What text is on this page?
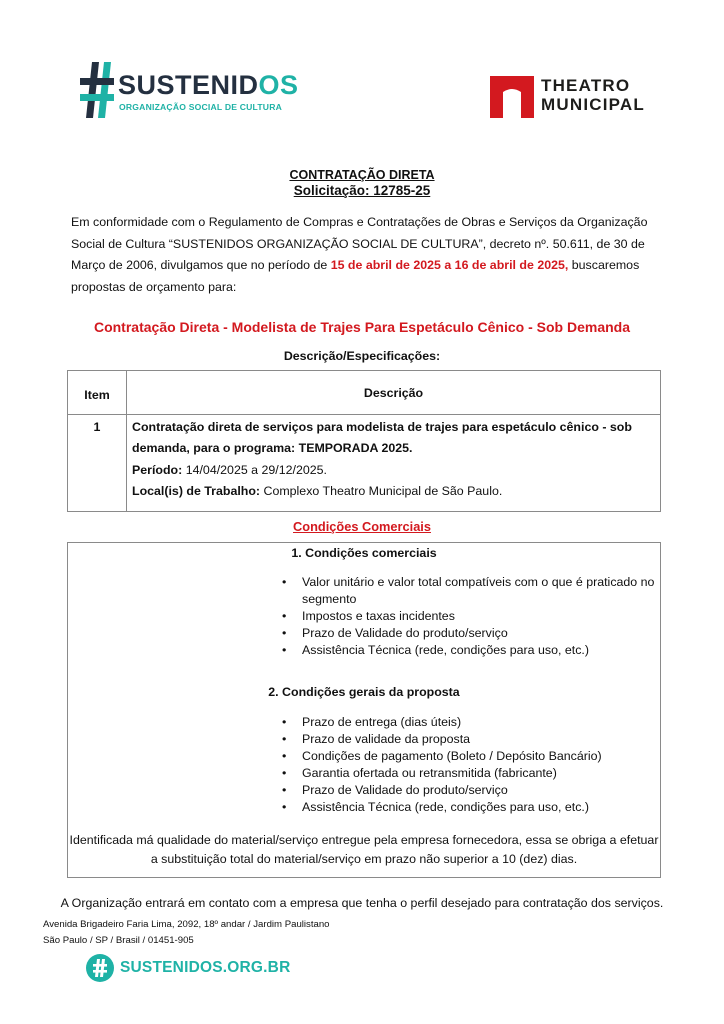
SUSTENIDOS
ORGANIZAÇÃO SOCIAL DE CULTURA
THEATRO
MUNICIPAL
CONTRATAÇÃO DIRETA
Solicitação: 12785-25
Em conformidade com o Regulamento de Compras e Contratações de Obras e Serviços da Organização Social de Cultura “SUSTENIDOS ORGANIZAÇÃO SOCIAL DE CULTURA”, decreto nº. 50.611, de 30 de Março de 2006, divulgamos que no período de 15 de abril de 2025 a 16 de abril de 2025, buscaremos propostas de orçamento para:
Contratação Direta - Modelista de Trajes Para Espetáculo Cênico - Sob Demanda
Descrição/Especificações:
Item	Descrição
1	Contratação direta de serviços para modelista de trajes para espetáculo cênico - sob demanda, para o programa: TEMPORADA 2025.
Período: 14/04/2025 a 29/12/2025.
Local(is) de Trabalho: Complexo Theatro Municipal de São Paulo.
Condições Comerciais
1. Condições comerciais
• Valor unitário e valor total compatíveis com o que é praticado no segmento
• Impostos e taxas incidentes
• Prazo de Validade do produto/serviço
• Assistência Técnica (rede, condições para uso, etc.)
2. Condições gerais da proposta
• Prazo de entrega (dias úteis)
• Prazo de validade da proposta
• Condições de pagamento (Boleto / Depósito Bancário)
• Garantia ofertada ou retransmitida (fabricante)
• Prazo de Validade do produto/serviço
• Assistência Técnica (rede, condições para uso, etc.)
Identificada má qualidade do material/serviço entregue pela empresa fornecedora, essa se obriga a efetuar a substituição total do material/serviço em prazo não superior a 10 (dez) dias.
A Organização entrará em contato com a empresa que tenha o perfil desejado para contratação dos serviços.
Avenida Brigadeiro Faria Lima, 2092, 18º andar / Jardim Paulistano
São Paulo / SP / Brasil / 01451-905
SUSTENIDOS.ORG.BR
